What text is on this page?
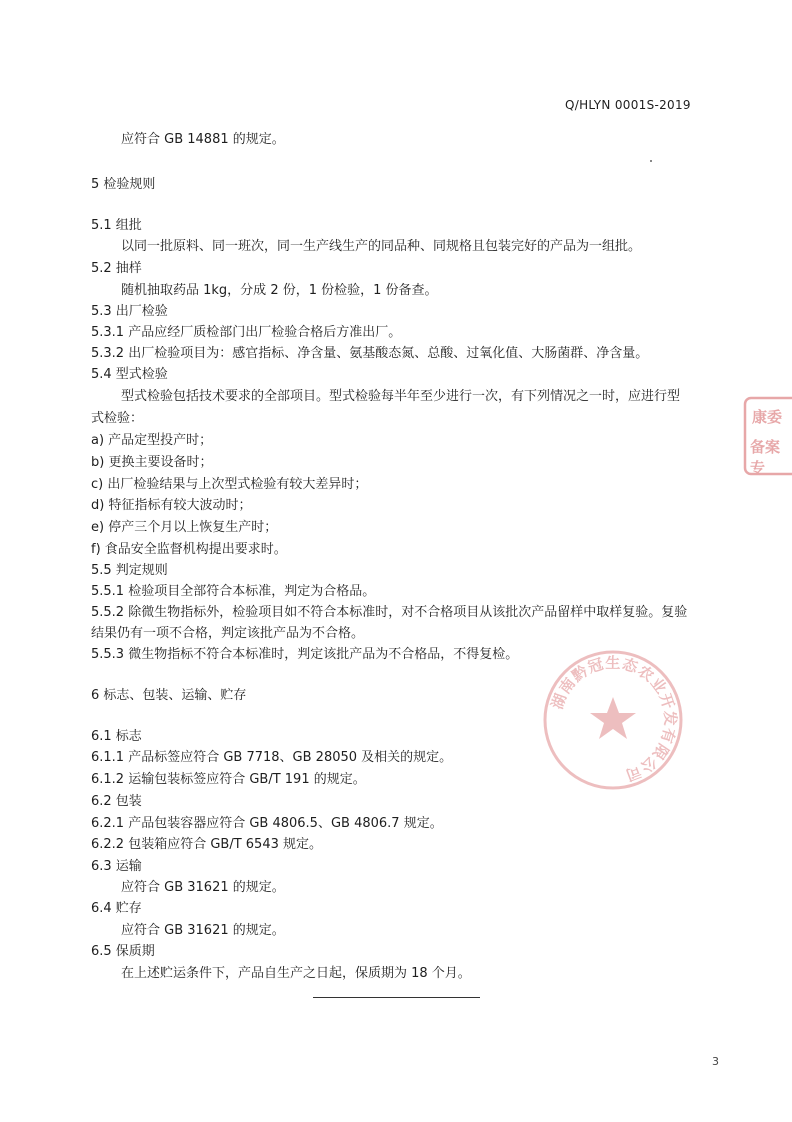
Q/HLYN 0001S-2019
应符合 GB 14881 的规定。
5 检验规则
5.1 组批
以同一批原料、同一班次，同一生产线生产的同品种、同规格且包装完好的产品为一组批。
5.2 抽样
随机抽取药品 1kg，分成 2 份，1 份检验，1 份备查。
5.3 出厂检验
5.3.1 产品应经厂质检部门出厂检验合格后方准出厂。
5.3.2 出厂检验项目为：感官指标、净含量、氨基酸态氮、总酸、过氧化值、大肠菌群、净含量。
5.4 型式检验
型式检验包括技术要求的全部项目。型式检验每半年至少进行一次，有下列情况之一时，应进行型
式检验：
a) 产品定型投产时；
b) 更换主要设备时；
c) 出厂检验结果与上次型式检验有较大差异时；
d) 特征指标有较大波动时；
e) 停产三个月以上恢复生产时；
f) 食品安全监督机构提出要求时。
5.5 判定规则
5.5.1 检验项目全部符合本标准，判定为合格品。
5.5.2 除微生物指标外，检验项目如不符合本标准时，对不合格项目从该批次产品留样中取样复验。复验
结果仍有一项不合格，判定该批产品为不合格。
5.5.3 微生物指标不符合本标准时，判定该批产品为不合格品，不得复检。
6 标志、包装、运输、贮存
6.1 标志
6.1.1 产品标签应符合 GB 7718、GB 28050 及相关的规定。
6.1.2 运输包装标签应符合 GB/T 191 的规定。
6.2 包装
6.2.1 产品包装容器应符合 GB 4806.5、GB 4806.7 规定。
6.2.2 包装箱应符合 GB/T 6543 规定。
6.3 运输
应符合 GB 31621 的规定。
6.4 贮存
应符合 GB 31621 的规定。
6.5 保质期
在上述贮运条件下，产品自生产之日起，保质期为 18 个月。
3
湖南黔冠生态农业开发有限公司
康委
备案专
